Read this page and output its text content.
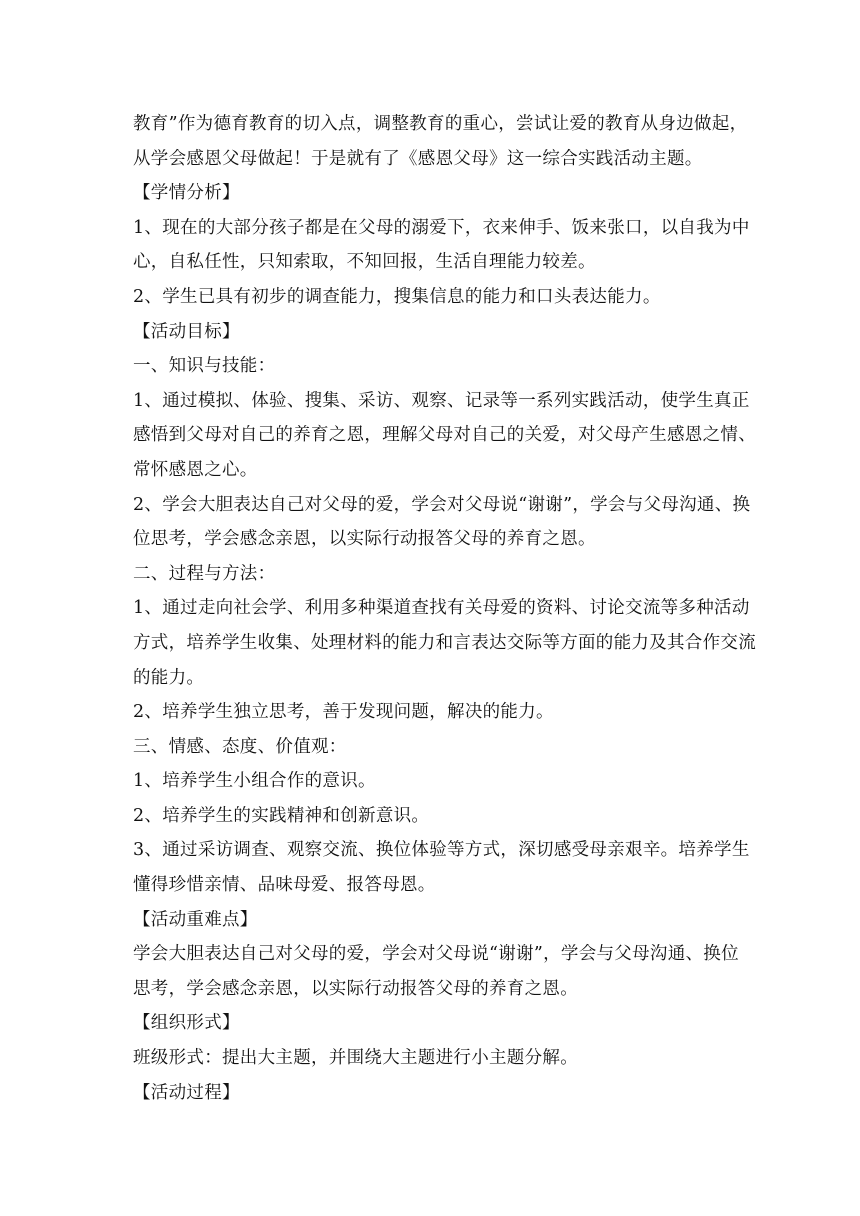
教育”作为德育教育的切入点，调整教育的重心，尝试让爱的教育从身边做起，
从学会感恩父母做起！于是就有了《感恩父母》这一综合实践活动主题。
【学情分析】
1、现在的大部分孩子都是在父母的溺爱下，衣来伸手、饭来张口，以自我为中
心，自私任性，只知索取，不知回报，生活自理能力较差。
2、学生已具有初步的调查能力，搜集信息的能力和口头表达能力。
【活动目标】
一、知识与技能：
1、通过模拟、体验、搜集、采访、观察、记录等一系列实践活动，使学生真正
感悟到父母对自己的养育之恩，理解父母对自己的关爱，对父母产生感恩之情、
常怀感恩之心。
2、学会大胆表达自己对父母的爱，学会对父母说“谢谢”，学会与父母沟通、换
位思考，学会感念亲恩，以实际行动报答父母的养育之恩。
二、过程与方法：
1、通过走向社会学、利用多种渠道查找有关母爱的资料、讨论交流等多种活动
方式，培养学生收集、处理材料的能力和言表达交际等方面的能力及其合作交流
的能力。
2、培养学生独立思考，善于发现问题，解决的能力。
三、情感、态度、价值观：
1、培养学生小组合作的意识。
2、培养学生的实践精神和创新意识。
3、通过采访调查、观察交流、换位体验等方式，深切感受母亲艰辛。培养学生
懂得珍惜亲情、品味母爱、报答母恩。
【活动重难点】
学会大胆表达自己对父母的爱，学会对父母说“谢谢”，学会与父母沟通、换位
思考，学会感念亲恩，以实际行动报答父母的养育之恩。
【组织形式】
班级形式：提出大主题，并围绕大主题进行小主题分解。
【活动过程】
